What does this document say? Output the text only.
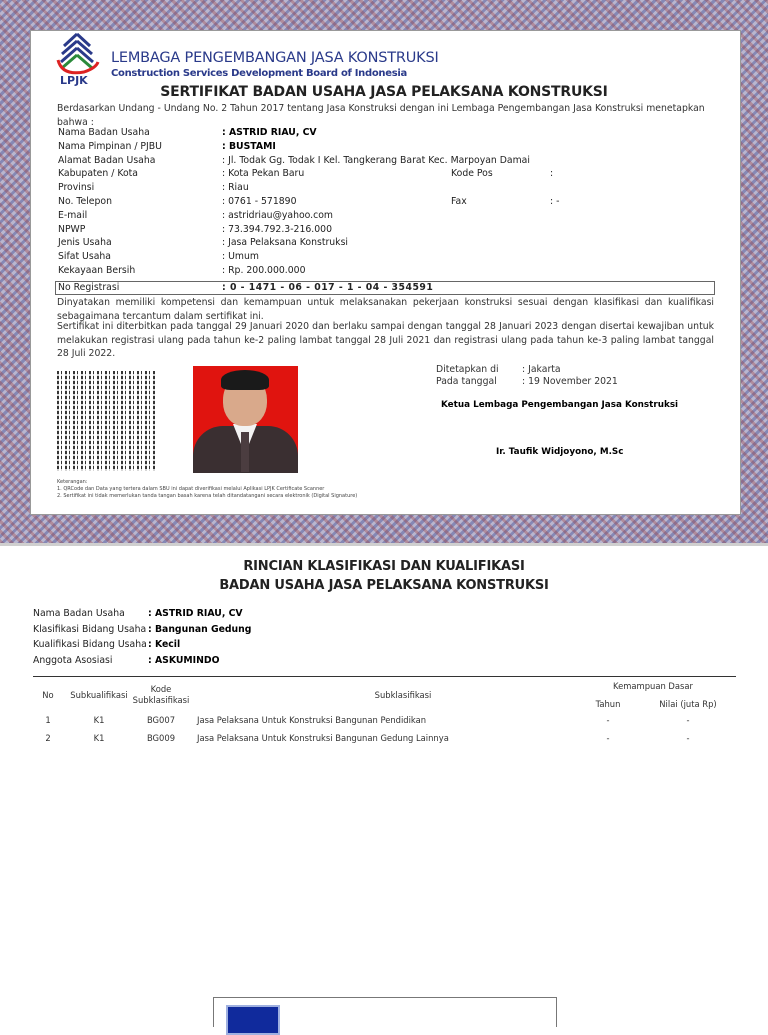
LPJK
LEMBAGA PENGEMBANGAN JASA KONSTRUKSI
Construction Services Development Board of Indonesia
SERTIFIKAT BADAN USAHA JASA PELAKSANA KONSTRUKSI
Berdasarkan Undang - Undang No. 2 Tahun 2017 tentang Jasa Konstruksi dengan ini Lembaga Pengembangan Jasa Konstruksi menetapkan bahwa :
Nama Badan Usaha	: ASTRID RIAU, CV
Nama Pimpinan / PJBU	: BUSTAMI
Alamat Badan Usaha	: Jl. Todak Gg. Todak I Kel. Tangkerang Barat Kec. Marpoyan Damai
Kabupaten / Kota	: Kota Pekan Baru	Kode Pos	:
Provinsi	: Riau
No. Telepon	: 0761 - 571890	Fax	: -
E-mail	: astridriau@yahoo.com
NPWP	: 73.394.792.3-216.000
Jenis Usaha	: Jasa Pelaksana Konstruksi
Sifat Usaha	: Umum
Kekayaan Bersih	: Rp. 200.000.000
No Registrasi	: 0 - 1471 - 06 - 017 - 1 - 04 - 354591
Dinyatakan memiliki kompetensi dan kemampuan untuk melaksanakan pekerjaan konstruksi sesuai dengan klasifikasi dan kualifikasi sebagaimana tercantum dalam sertifikat ini.
Sertifikat ini diterbitkan pada tanggal 29 Januari 2020 dan berlaku sampai dengan tanggal 28 Januari 2023 dengan disertai kewajiban untuk melakukan registrasi ulang pada tahun ke-2 paling lambat tanggal 28 Juli 2021 dan registrasi ulang pada tahun ke-3 paling lambat tanggal 28 Juli 2022.
Ditetapkan di	: Jakarta
Pada tanggal	: 19 November 2021
Ketua Lembaga Pengembangan Jasa Konstruksi
Ir. Taufik Widjoyono, M.Sc
Keterangan:
1. QRCode dan Data yang tertera dalam SBU ini dapat diverifikasi melalui Aplikasi LPJK Certificate Scanner
2. Sertifikat ini tidak memerlukan tanda tangan basah karena telah ditandatangani secara elektronik (Digital Signature)
RINCIAN KLASIFIKASI DAN KUALIFIKASI
BADAN USAHA JASA PELAKSANA KONSTRUKSI
Nama Badan Usaha : ASTRID RIAU, CV
Klasifikasi Bidang Usaha : Bangunan Gedung
Kualifikasi Bidang Usaha : Kecil
Anggota Asosiasi	: ASKUMINDO
No	Subkualifikasi
Kode
Subklasifikasi	Subklasifikasi
Kemampuan Dasar
Tahun	Nilai (juta Rp)
1	K1	BG007	Jasa Pelaksana Untuk Konstruksi Bangunan Pendidikan	-	-
2	K1	BG009	Jasa Pelaksana Untuk Konstruksi Bangunan Gedung Lainnya	-	-
